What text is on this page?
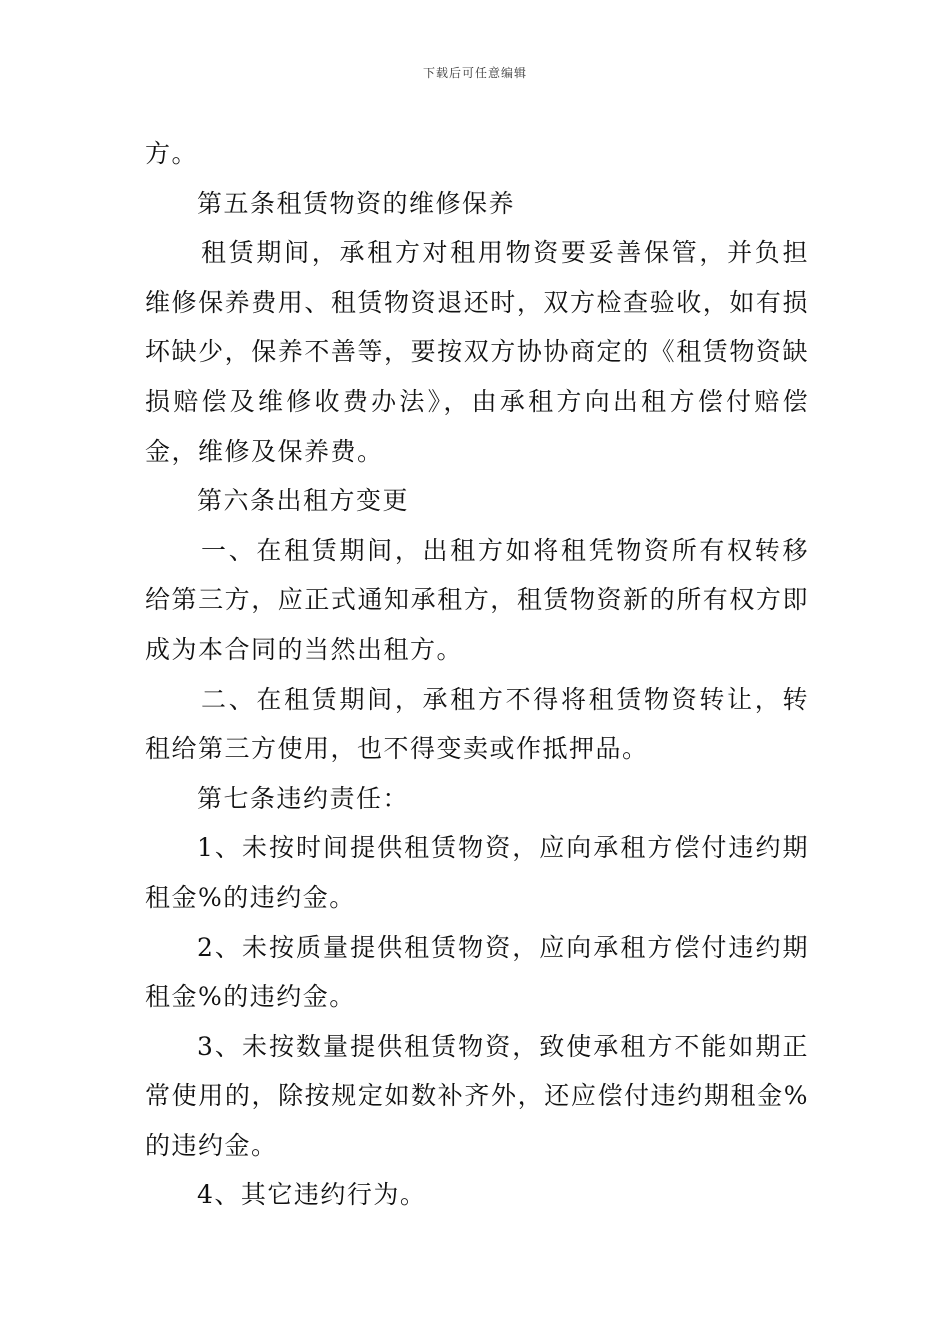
下载后可任意编辑

方。

第五条租赁物资的维修保养

租赁期间，承租方对租用物资要妥善保管，并负担维修保养费用、租赁物资退还时，双方检查验收，如有损坏缺少，保养不善等，要按双方协协商定的《租赁物资缺损赔偿及维修收费办法》，由承租方向出租方偿付赔偿金，维修及保养费。

第六条出租方变更

一、在租赁期间，出租方如将租凭物资所有权转移给第三方，应正式通知承租方，租赁物资新的所有权方即成为本合同的当然出租方。

二、在租赁期间，承租方不得将租赁物资转让，转租给第三方使用，也不得变卖或作抵押品。

第七条违约责任：

1、未按时间提供租赁物资，应向承租方偿付违约期租金%的违约金。

2、未按质量提供租赁物资，应向承租方偿付违约期租金%的违约金。

3、未按数量提供租赁物资，致使承租方不能如期正常使用的，除按规定如数补齐外，还应偿付违约期租金%的违约金。

4、其它违约行为。
